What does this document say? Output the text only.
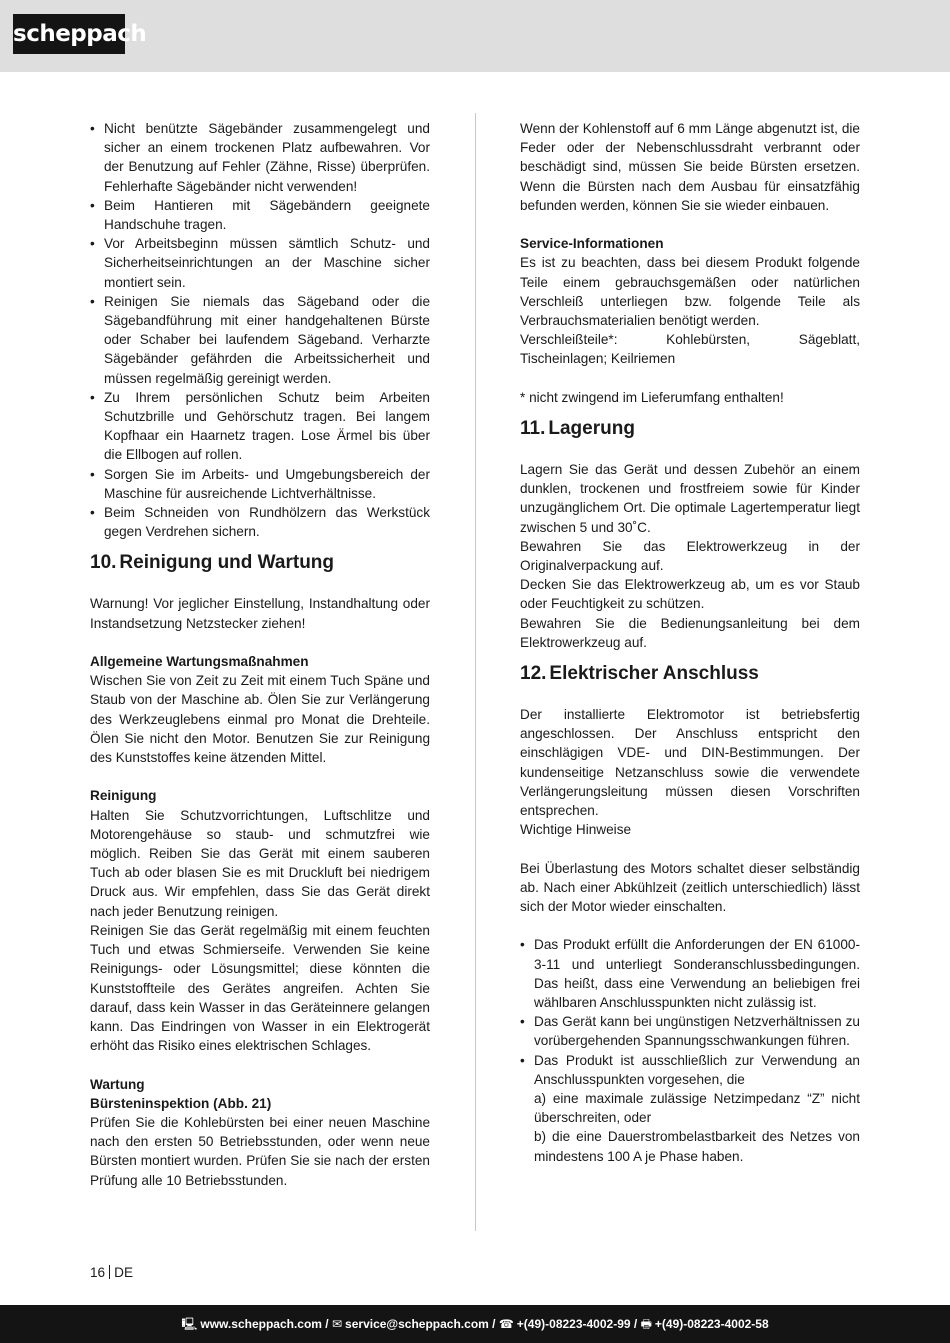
scheppach
• Nicht benützte Sägebänder zusammengelegt und sicher an einem trockenen Platz aufbewahren. Vor der Benutzung auf Fehler (Zähne, Risse) überprüfen. Fehlerhafte Sägebänder nicht verwenden!
• Beim Hantieren mit Sägebändern geeignete Handschuhe tragen.
• Vor Arbeitsbeginn müssen sämtlich Schutz- und Sicherheitseinrichtungen an der Maschine sicher montiert sein.
• Reinigen Sie niemals das Sägeband oder die Sägebandführung mit einer handgehaltenen Bürste oder Schaber bei laufendem Sägeband. Verharzte Sägebänder gefährden die Arbeitssicherheit und müssen regelmäßig gereinigt werden.
• Zu Ihrem persönlichen Schutz beim Arbeiten Schutzbrille und Gehörschutz tragen. Bei langem Kopfhaar ein Haarnetz tragen. Lose Ärmel bis über die Ellbogen auf rollen.
• Sorgen Sie im Arbeits- und Umgebungsbereich der Maschine für ausreichende Lichtverhältnisse.
• Beim Schneiden von Rundhölzern das Werkstück gegen Verdrehen sichern.
10. Reinigung und Wartung

Warnung! Vor jeglicher Einstellung, Instandhaltung oder Instandsetzung Netzstecker ziehen!

Allgemeine Wartungsmaßnahmen

Wischen Sie von Zeit zu Zeit mit einem Tuch Späne und Staub von der Maschine ab. Ölen Sie zur Verlängerung des Werkzeuglebens einmal pro Monat die Drehteile. Ölen Sie nicht den Motor. Benutzen Sie zur Reinigung des Kunststoffes keine ätzenden Mittel.

Reinigung

Halten Sie Schutzvorrichtungen, Luftschlitze und Motorengehäuse so staub- und schmutzfrei wie möglich. Reiben Sie das Gerät mit einem sauberen Tuch ab oder blasen Sie es mit Druckluft bei niedrigem Druck aus. Wir empfehlen, dass Sie das Gerät direkt nach jeder Benutzung reinigen.

Reinigen Sie das Gerät regelmäßig mit einem feuchten Tuch und etwas Schmierseife. Verwenden Sie keine Reinigungs- oder Lösungsmittel; diese könnten die Kunststoffteile des Gerätes angreifen. Achten Sie darauf, dass kein Wasser in das Geräteinnere gelangen kann. Das Eindringen von Wasser in ein Elektrogerät erhöht das Risiko eines elektrischen Schlages.

Wartung

Bürsteninspektion (Abb. 21)

Prüfen Sie die Kohlebürsten bei einer neuen Maschine nach den ersten 50 Betriebsstunden, oder wenn neue Bürsten montiert wurden. Prüfen Sie sie nach der ersten Prüfung alle 10 Betriebsstunden.

Wenn der Kohlenstoff auf 6 mm Länge abgenutzt ist, die Feder oder der Nebenschlussdraht verbrannt oder beschädigt sind, müssen Sie beide Bürsten ersetzen. Wenn die Bürsten nach dem Ausbau für einsatzfähig befunden werden, können Sie sie wieder einbauen.

Service-Informationen

Es ist zu beachten, dass bei diesem Produkt folgende Teile einem gebrauchsgemäßen oder natürlichen Verschleiß unterliegen bzw. folgende Teile als Verbrauchsmaterialien benötigt werden.

Verschleißteile*: Kohlebürsten, Sägeblatt, Tischeinlagen; Keilriemen

* nicht zwingend im Lieferumfang enthalten!

11. Lagerung

Lagern Sie das Gerät und dessen Zubehör an einem dunklen, trockenen und frostfreiem sowie für Kinder unzugänglichem Ort. Die optimale Lagertemperatur liegt zwischen 5 und 30˚C.

Bewahren Sie das Elektrowerkzeug in der Originalverpackung auf.

Decken Sie das Elektrowerkzeug ab, um es vor Staub oder Feuchtigkeit zu schützen.

Bewahren Sie die Bedienungsanleitung bei dem Elektrowerkzeug auf.

12. Elektrischer Anschluss

Der installierte Elektromotor ist betriebsfertig angeschlossen. Der Anschluss entspricht den einschlägigen VDE- und DIN-Bestimmungen. Der kundenseitige Netzanschluss sowie die verwendete Verlängerungsleitung müssen diesen Vorschriften entsprechen.

Wichtige Hinweise

Bei Überlastung des Motors schaltet dieser selbständig ab. Nach einer Abkühlzeit (zeitlich unterschiedlich) lässt sich der Motor wieder einschalten.

• Das Produkt erfüllt die Anforderungen der EN 61000-3-11 und unterliegt Sonderanschlussbedingungen. Das heißt, dass eine Verwendung an beliebigen frei wählbaren Anschlusspunkten nicht zulässig ist.
• Das Gerät kann bei ungünstigen Netzverhältnissen zu vorübergehenden Spannungsschwankungen führen.
• Das Produkt ist ausschließlich zur Verwendung an Anschlusspunkten vorgesehen, die

a) eine maximale zulässige Netzimpedanz “Z” nicht überschreiten, oder

b) die eine Dauerstrombelastbarkeit des Netzes von mindestens 100 A je Phase haben.

16 DE
🖳 www.scheppach.com / ✉ service@scheppach.com / ☎ +(49)-08223-4002-99 / 🖶 +(49)-08223-4002-58
